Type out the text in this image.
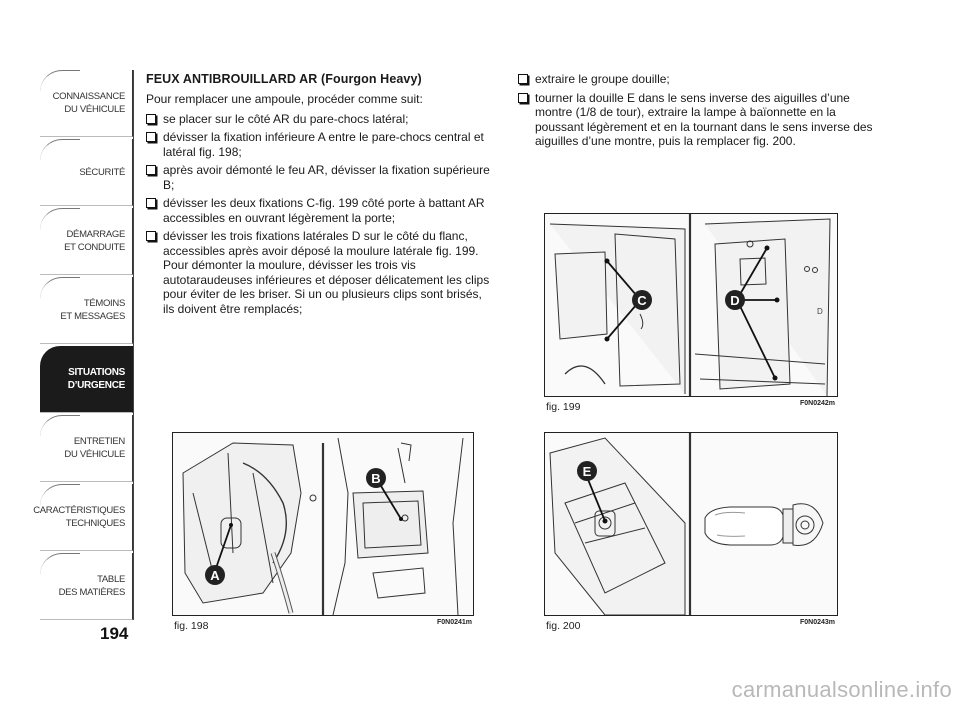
CONNAISSANCE
DU VÉHICULE
SÉCURITÉ
DÉMARRAGE
ET CONDUITE
TÉMOINS
ET MESSAGES
SITUATIONS
D’URGENCE
ENTRETIEN
DU VÉHICULE
CARACTÉRISTIQUES
TECHNIQUES
TABLE
DES MATIÈRES
194
FEUX ANTIBROUILLARD AR (Fourgon Heavy)

Pour remplacer une ampoule, procéder comme suit:

se placer sur le côté AR du pare-chocs latéral;
dévisser la fixation inférieure A entre le pare-chocs central et latéral fig. 198;
après avoir démonté le feu AR, dévisser la fixation supérieure B;
dévisser les deux fixations C-fig. 199 côté porte à battant AR accessibles en ouvrant légèrement la porte;
dévisser les trois fixations latérales D sur le côté du flanc, accessibles après avoir déposé la moulure latérale fig. 199. Pour démonter la moulure, dévisser les trois vis autotaraudeuses inférieures et déposer délicatement les clips pour éviter de les briser. Si un ou plusieurs clips sont brisés, ils doivent être remplacés;
extraire le groupe douille;
tourner la douille E dans le sens inverse des aiguilles d’une montre (1/8 de tour), extraire la lampe à baïonnette en la poussant légèrement et en la tournant dans le sens inverse des aiguilles d’une montre, puis la remplacer fig. 200.
A
B
fig. 198	F0N0241m
D
C	D
fig. 199	F0N0242m
E
fig. 200	F0N0243m
carmanualsonline.info
